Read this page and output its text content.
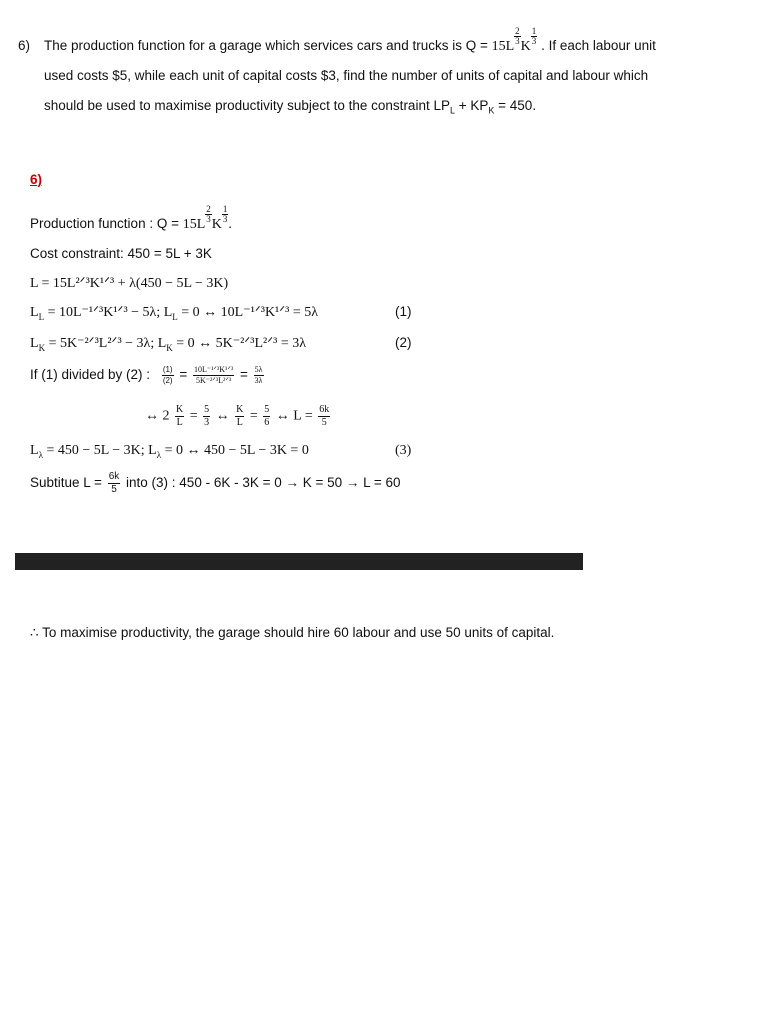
6) The production function for a garage which services cars and trucks is Q = 15L
$\frac{2}{3}$
K
$\frac{1}{3}$ . If each labour unit
used costs $5, while each unit of capital costs $3, find the number of units of capital and labour which
should be used to maximise productivity subject to the constraint $LP_L + KP_K = 450$.
6)
Production function : Q = 15L
$\frac{2}{3}$
K
$\frac{1}{3}$
.
Cost constraint: 450 = 5L + 3K
L = 15L²ᐟ³K¹ᐟ³ + λ(450 − 5L − 3K)
$L_L$ = 10L⁻¹ᐟ³K¹ᐟ³ − 5λ; $L_L = 0$ ↔ 10L⁻¹ᐟ³K¹ᐟ³ = 5λ	(1)
$L_K$ = 5K⁻²ᐟ³L²ᐟ³ − 3λ; $L_K = 0$ ↔ 5K⁻²ᐟ³L²ᐟ³ = 3λ	(2)
If (1) divided by (2) : $\frac{(1)}{(2)} = \frac{\text{10L⁻¹ᐟ³K¹ᐟ³}}{\text{5K⁻²ᐟ³L²ᐟ³}} = \frac{5\lambda}{3\lambda}$
↔ $2 \frac{K}{L} = \frac{5}{3}$ ↔ $\frac{K}{L} = \frac{5}{6}$ ↔ $L = \frac{6k}{5}$
$L_\lambda = 450 - 5L - 3K$; $L_\lambda = 0$ ↔ 450 − 5L − 3K = 0	(3)
Subtitue $L = \frac{6k}{5}$ into (3) : 450 - 6K - 3K = 0 → K = 50 → L = 60
∴ To maximise productivity, the garage should hire 60 labour and use 50 units of capital.
